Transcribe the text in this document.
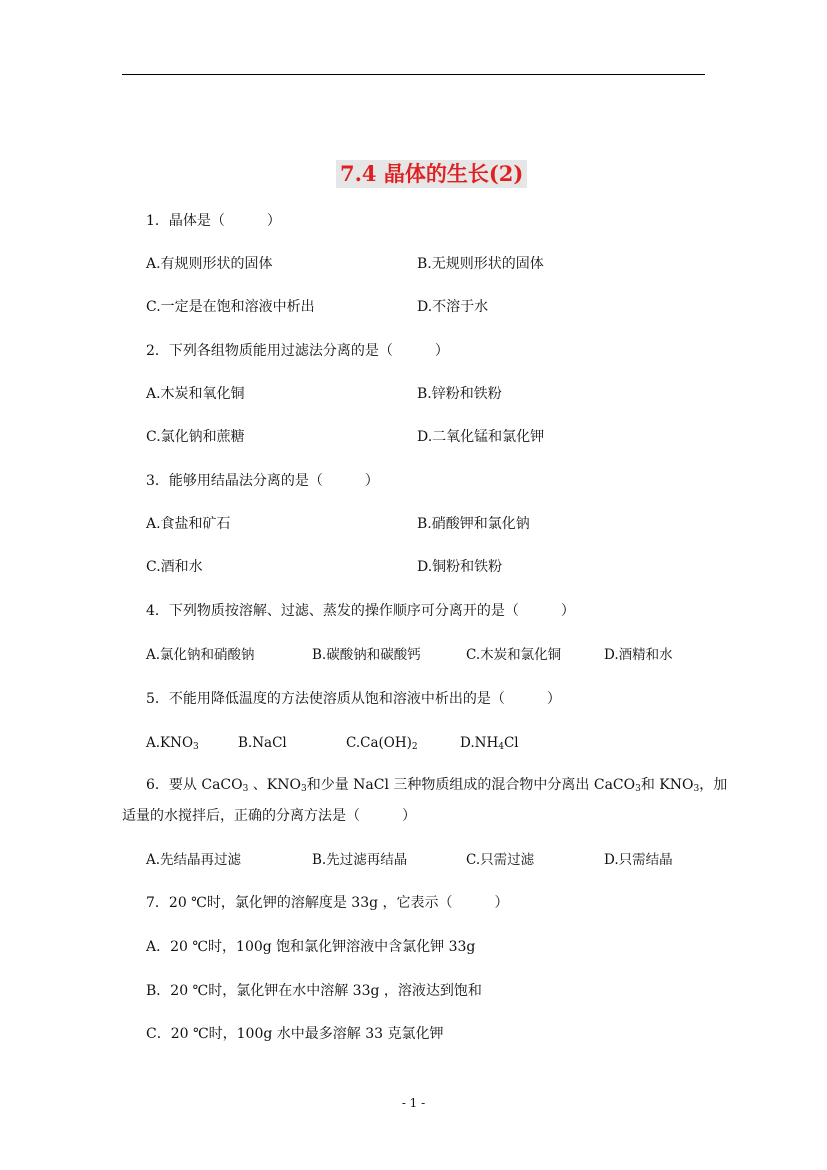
7.4 晶体的生长(2)
1．晶体是（　　　）
A.有规则形状的固体	B.无规则形状的固体
C.一定是在饱和溶液中析出	D.不溶于水
2．下列各组物质能用过滤法分离的是（　　　）
A.木炭和氧化铜	B.锌粉和铁粉
C.氯化钠和蔗糖	D.二氧化锰和氯化钾
3．能够用结晶法分离的是（　　　）
A.食盐和矿石	B.硝酸钾和氯化钠
C.酒和水	D.铜粉和铁粉
4．下列物质按溶解、过滤、蒸发的操作顺序可分离开的是（　　　）
A.氯化钠和硝酸钠	B.碳酸钠和碳酸钙	C.木炭和氯化铜	D.酒精和水
5．不能用降低温度的方法使溶质从饱和溶液中析出的是（　　　）
$A.KNO_3$	B.NaCl	$C.Ca(OH)_2$	$D.NH_4Cl$
6．要从 CaCO$_3$ 、$KNO_3$和少量 NaCl 三种物质组成的混合物中分离出 CaCO$_3$和 $KNO_3$，加
适量的水搅拌后，正确的分离方法是（　　　）
A.先结晶再过滤	B.先过滤再结晶	C.只需过滤	D.只需结晶
7．20 ℃时，氯化钾的溶解度是 33g ，它表示（　　　）
A．20 ℃时，100g 饱和氯化钾溶液中含氯化钾 33g
B．20 ℃时，氯化钾在水中溶解 33g ，溶液达到饱和
C．20 ℃时，100g 水中最多溶解 33 克氯化钾
- 1 -
